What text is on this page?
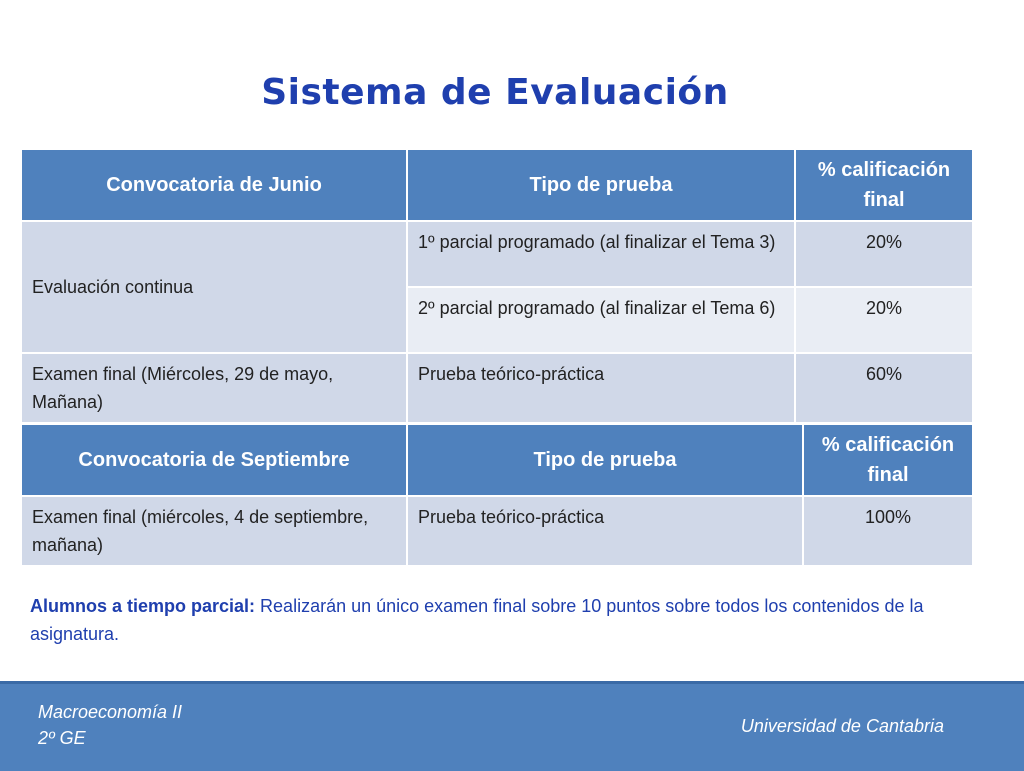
Sistema de Evaluación
Convocatoria de Junio	Tipo de prueba	% calificación final
Evaluación continua	1º parcial programado (al finalizar el Tema 3)	20%
	2º parcial programado (al finalizar el Tema 6)	20%
Examen final (Miércoles, 29 de mayo, Mañana)	Prueba teórico-práctica	60%
Convocatoria de Septiembre	Tipo de prueba	% calificación final
Examen final (miércoles, 4 de septiembre, mañana)	Prueba teórico-práctica	100%
Alumnos a tiempo parcial: Realizarán un único examen final sobre 10 puntos sobre todos los contenidos de la asignatura.
Macroeconomía II
2º GE
Universidad de Cantabria
